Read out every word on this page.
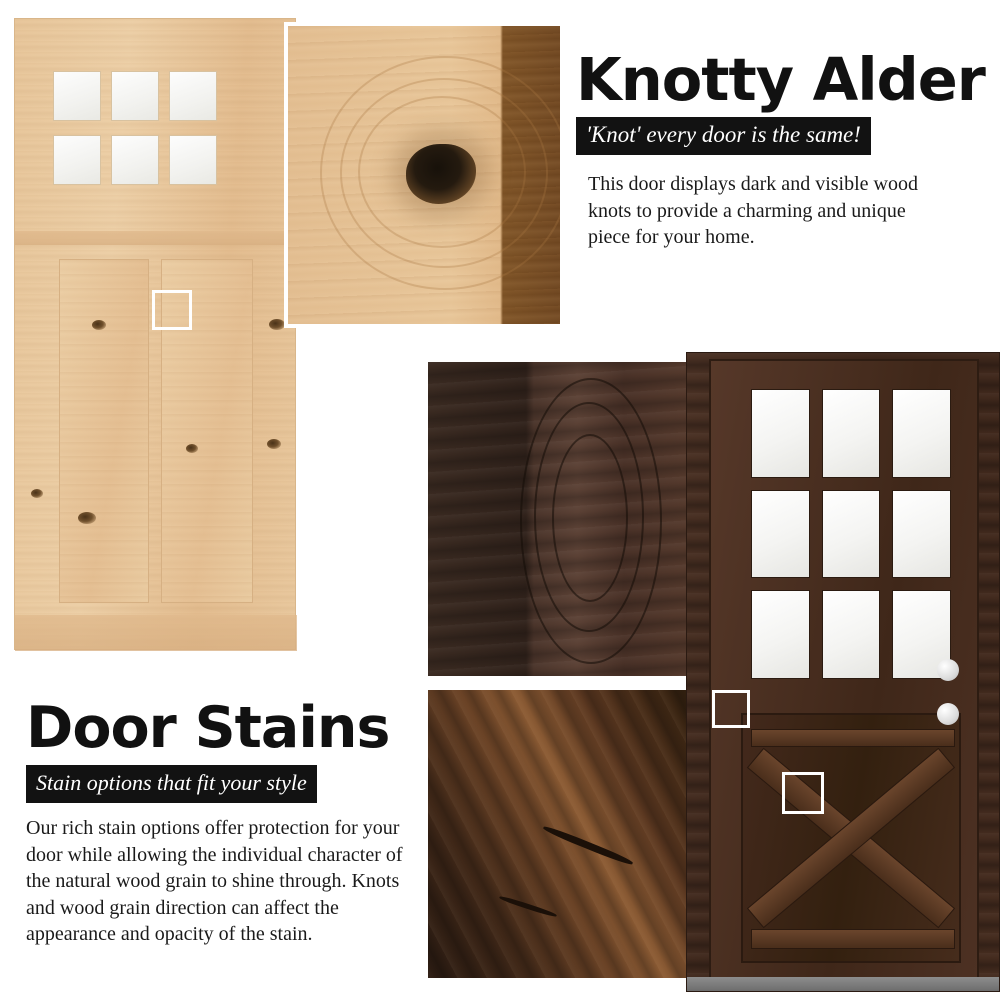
Knotty Alder
'Knot' every door is the same!
This door displays dark and visible wood knots to provide a charming and unique piece for your home.
Door Stains
Stain options that fit your style
Our rich stain options offer protection for your door while allowing the individual character of the natural wood grain to shine through. Knots and wood grain direction can affect the appearance and opacity of the stain.
